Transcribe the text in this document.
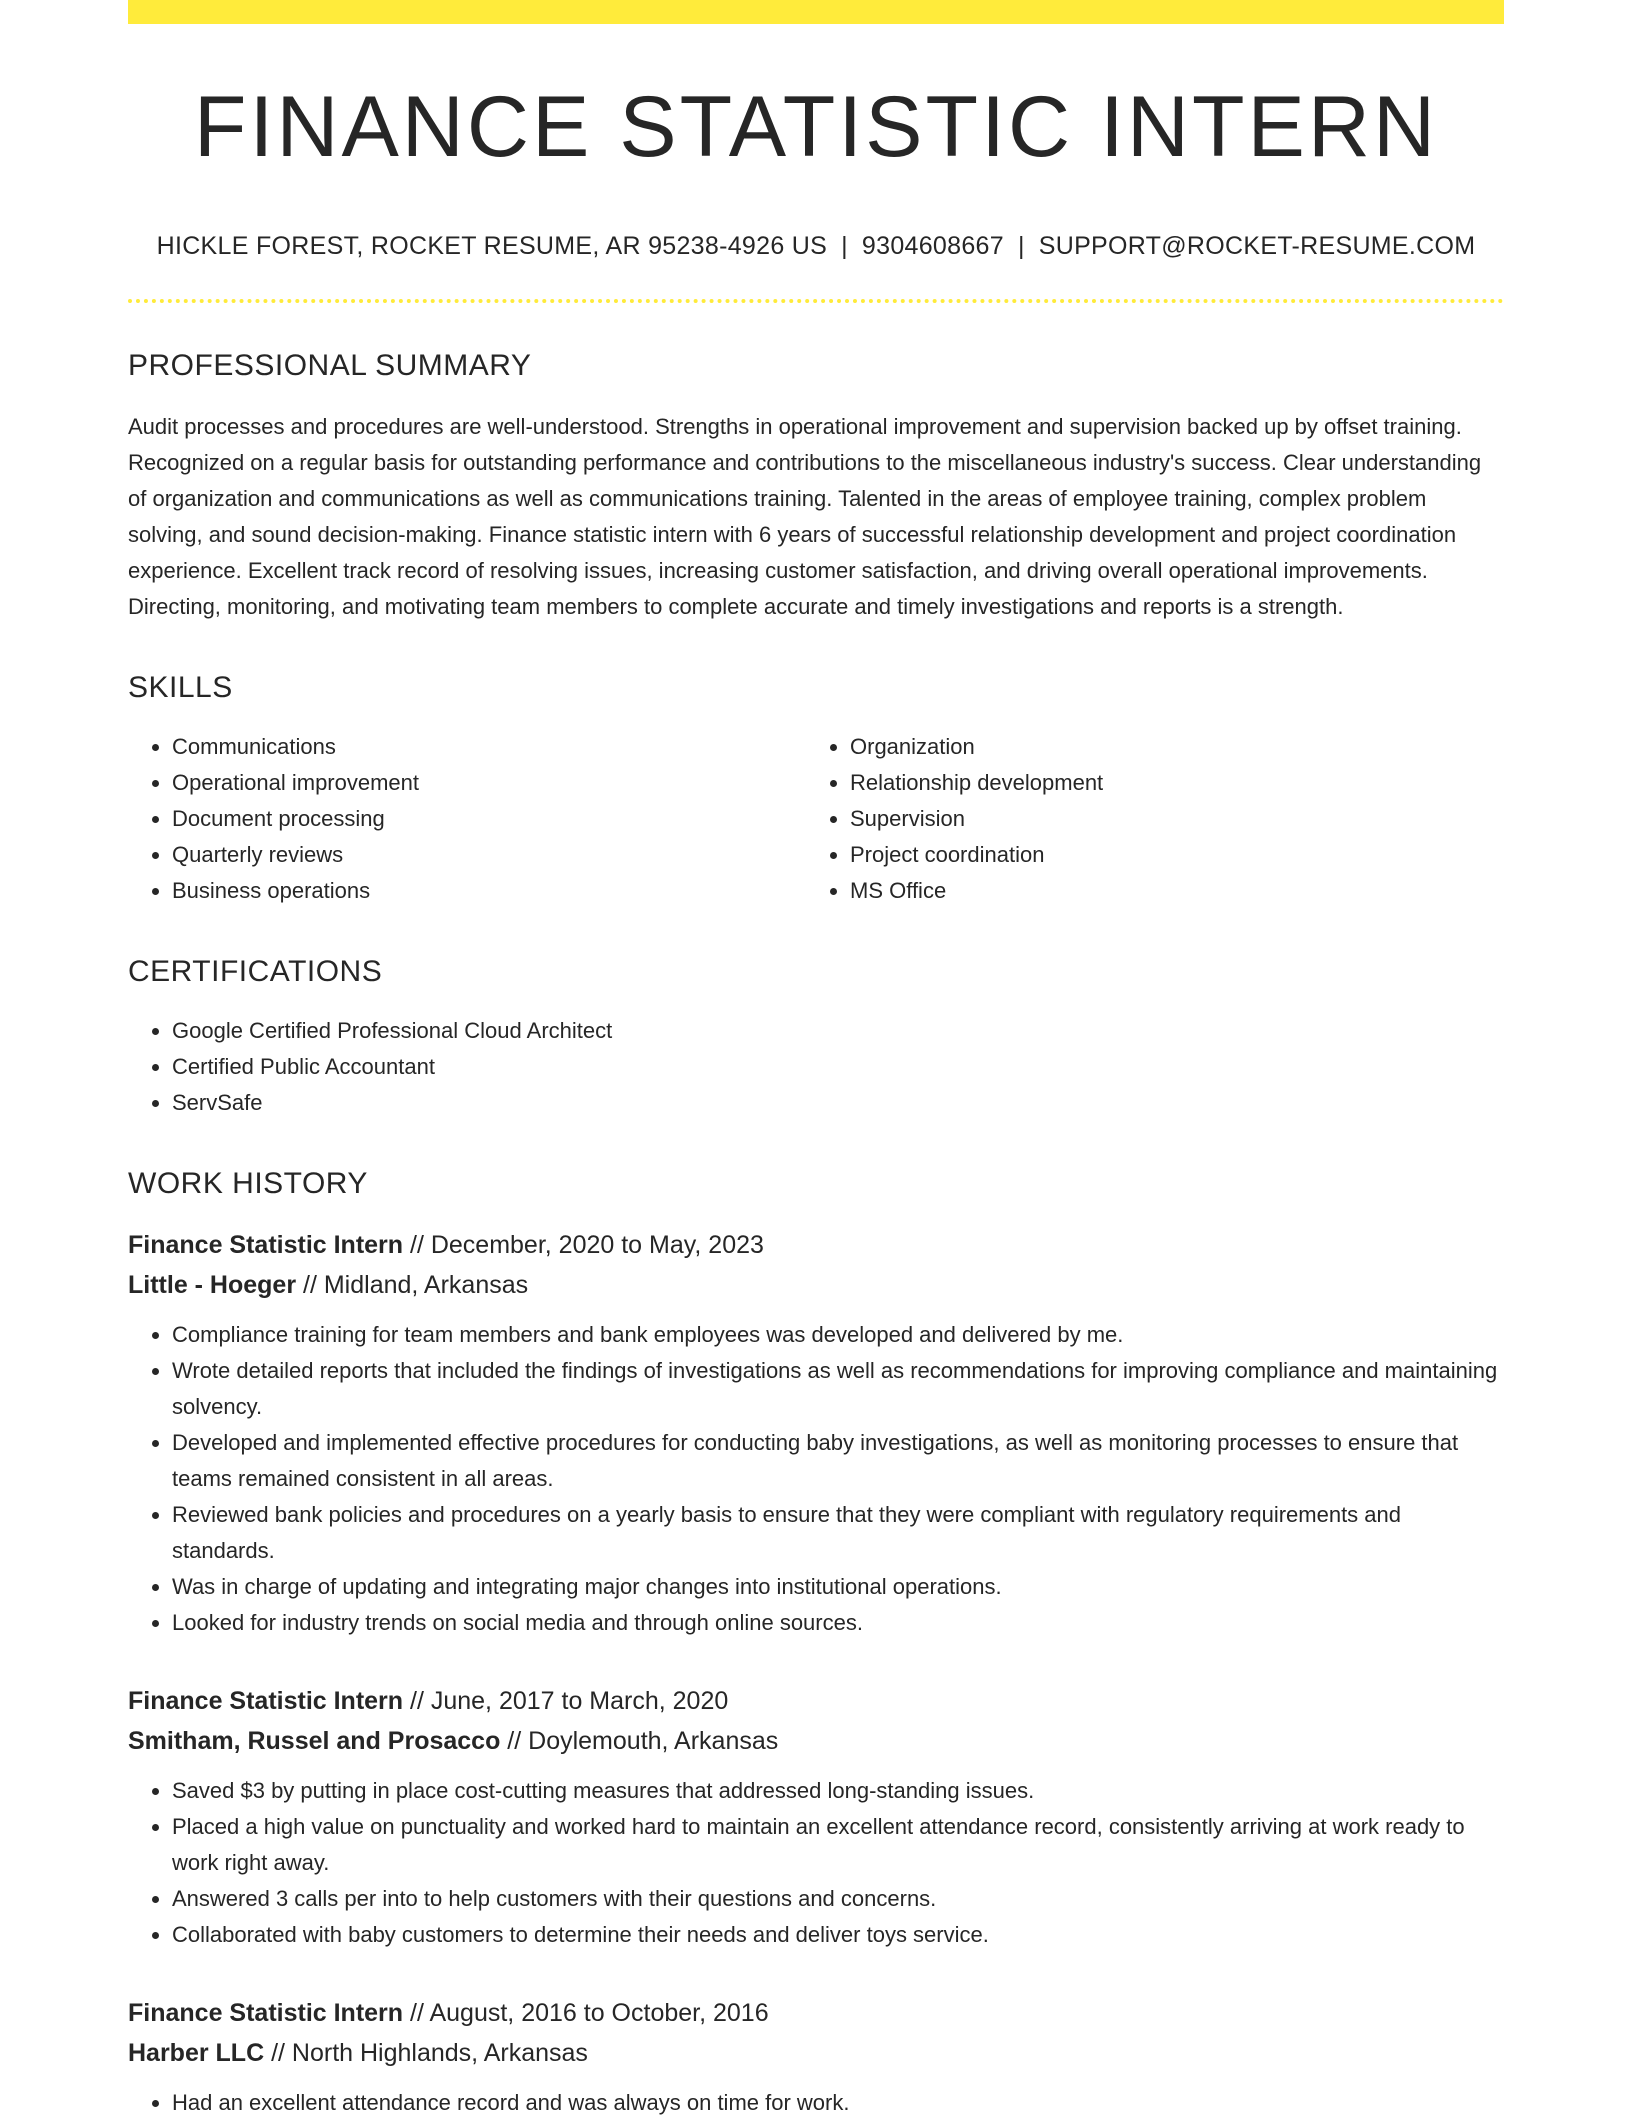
FINANCE STATISTIC INTERN
HICKLE FOREST, ROCKET RESUME, AR 95238-4926 US | 9304608667 | SUPPORT@ROCKET-RESUME.COM
PROFESSIONAL SUMMARY

Audit processes and procedures are well-understood. Strengths in operational improvement and supervision backed up by offset training. Recognized on a regular basis for outstanding performance and contributions to the miscellaneous industry's success. Clear understanding of organization and communications as well as communications training. Talented in the areas of employee training, complex problem solving, and sound decision-making. Finance statistic intern with 6 years of successful relationship development and project coordination experience. Excellent track record of resolving issues, increasing customer satisfaction, and driving overall operational improvements. Directing, monitoring, and motivating team members to complete accurate and timely investigations and reports is a strength.

SKILLS
• Communications
• Operational improvement
• Document processing
• Quarterly reviews
• Business operations
• Organization
• Relationship development
• Supervision
• Project coordination
• MS Office
CERTIFICATIONS
• Google Certified Professional Cloud Architect
• Certified Public Accountant
• ServSafe
WORK HISTORY
Finance Statistic Intern // December, 2020 to May, 2023
Little - Hoeger // Midland, Arkansas
• Compliance training for team members and bank employees was developed and delivered by me.
• Wrote detailed reports that included the findings of investigations as well as recommendations for improving compliance and maintaining solvency.
• Developed and implemented effective procedures for conducting baby investigations, as well as monitoring processes to ensure that teams remained consistent in all areas.
• Reviewed bank policies and procedures on a yearly basis to ensure that they were compliant with regulatory requirements and standards.
• Was in charge of updating and integrating major changes into institutional operations.
• Looked for industry trends on social media and through online sources.
Finance Statistic Intern // June, 2017 to March, 2020
Smitham, Russel and Prosacco // Doylemouth, Arkansas
• Saved $3 by putting in place cost-cutting measures that addressed long-standing issues.
• Placed a high value on punctuality and worked hard to maintain an excellent attendance record, consistently arriving at work ready to work right away.
• Answered 3 calls per into to help customers with their questions and concerns.
• Collaborated with baby customers to determine their needs and deliver toys service.
Finance Statistic Intern // August, 2016 to October, 2016
Harber LLC // North Highlands, Arkansas
• Had an excellent attendance record and was always on time for work.
